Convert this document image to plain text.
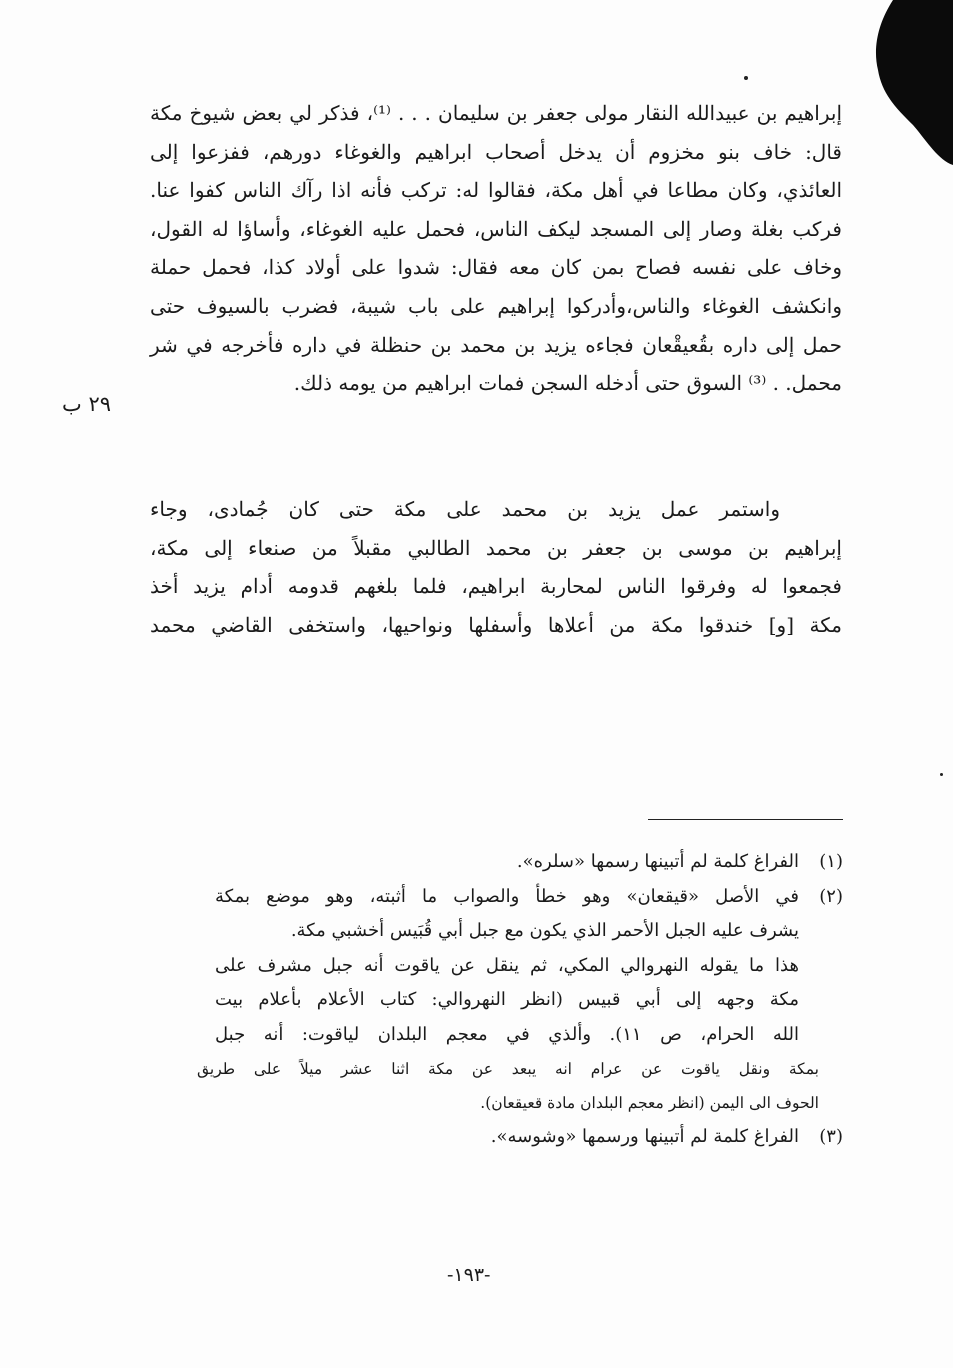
إبراهيم بن عبيدالله النقار مولى جعفر بن سليمان . . . ⁽¹⁾، فذكر لي بعض شيوخ مكة
قال: خاف بنو مخزوم أن يدخل أصحاب ابراهيم والغوغاء دورهم، ففزعوا إلى
العائذي، وكان مطاعا في أهل مكة، فقالوا له: تركب فأنه اذا رآك الناس كفوا عنا.
فركب بغلة وصار إلى المسجد ليكف الناس، فحمل عليه الغوغاء، وأساؤا له القول،
وخاف على نفسه فصاح بمن كان معه فقال: شدوا على أولاد كذا، فحمل حملة
وانكشف الغوغاء والناس،وأدركوا إبراهيم على باب شيبة، فضرب بالسيوف حتى
حمل إلى داره بقُعيقْعان فجاءه يزيد بن محمد بن حنظلة في داره فأخرجه في شر
محمل. . ⁽³⁾ السوق حتى أدخله السجن فمات ابراهيم من يومه ذلك.
٢٩ ب
واستمر عمل يزيد بن محمد على مكة حتى كان جُمادى، وجاء
إبراهيم بن موسى بن جعفر بن محمد الطالبي مقبلاً من صنعاء إلى مكة،
فجمعوا له وفرقوا الناس لمحاربة ابراهيم، فلما بلغهم قدومه أدام يزيد أخذ
مكة [و] خندقوا مكة من أعلاها وأسفلها ونواحيها، واستخفى القاضي محمد
(١)
الفراغ كلمة لم أتبينها رسمها «سلره».
(٢)
في الأصل «قيقعان» وهو خطأ والصواب ما أثبته، وهو موضع بمكة
يشرف عليه الجبل الأحمر الذي يكون مع جبل أبي قُبَيس أخشبي مكة.
هذا ما يقوله النهروالي المكي، ثم ينقل عن ياقوت أنه جبل مشرف على
مكة وجهه إلى أبي قبيس (انظر النهروالي: كتاب الأعلام بأعلام بيت
الله الحرام، ص ١١). وألذي في معجم البلدان لياقوت: أنه جبل
بمكة ونقل ياقوت عن عرام انه يبعد عن مكة اثنا عشر ميلاً على طريق
الحوف الى اليمن (انظر معجم البلدان مادة قعيقعان).
(٣)
الفراغ كلمة لم أتبينها ورسمها «وشوسه».
-١٩٣-
